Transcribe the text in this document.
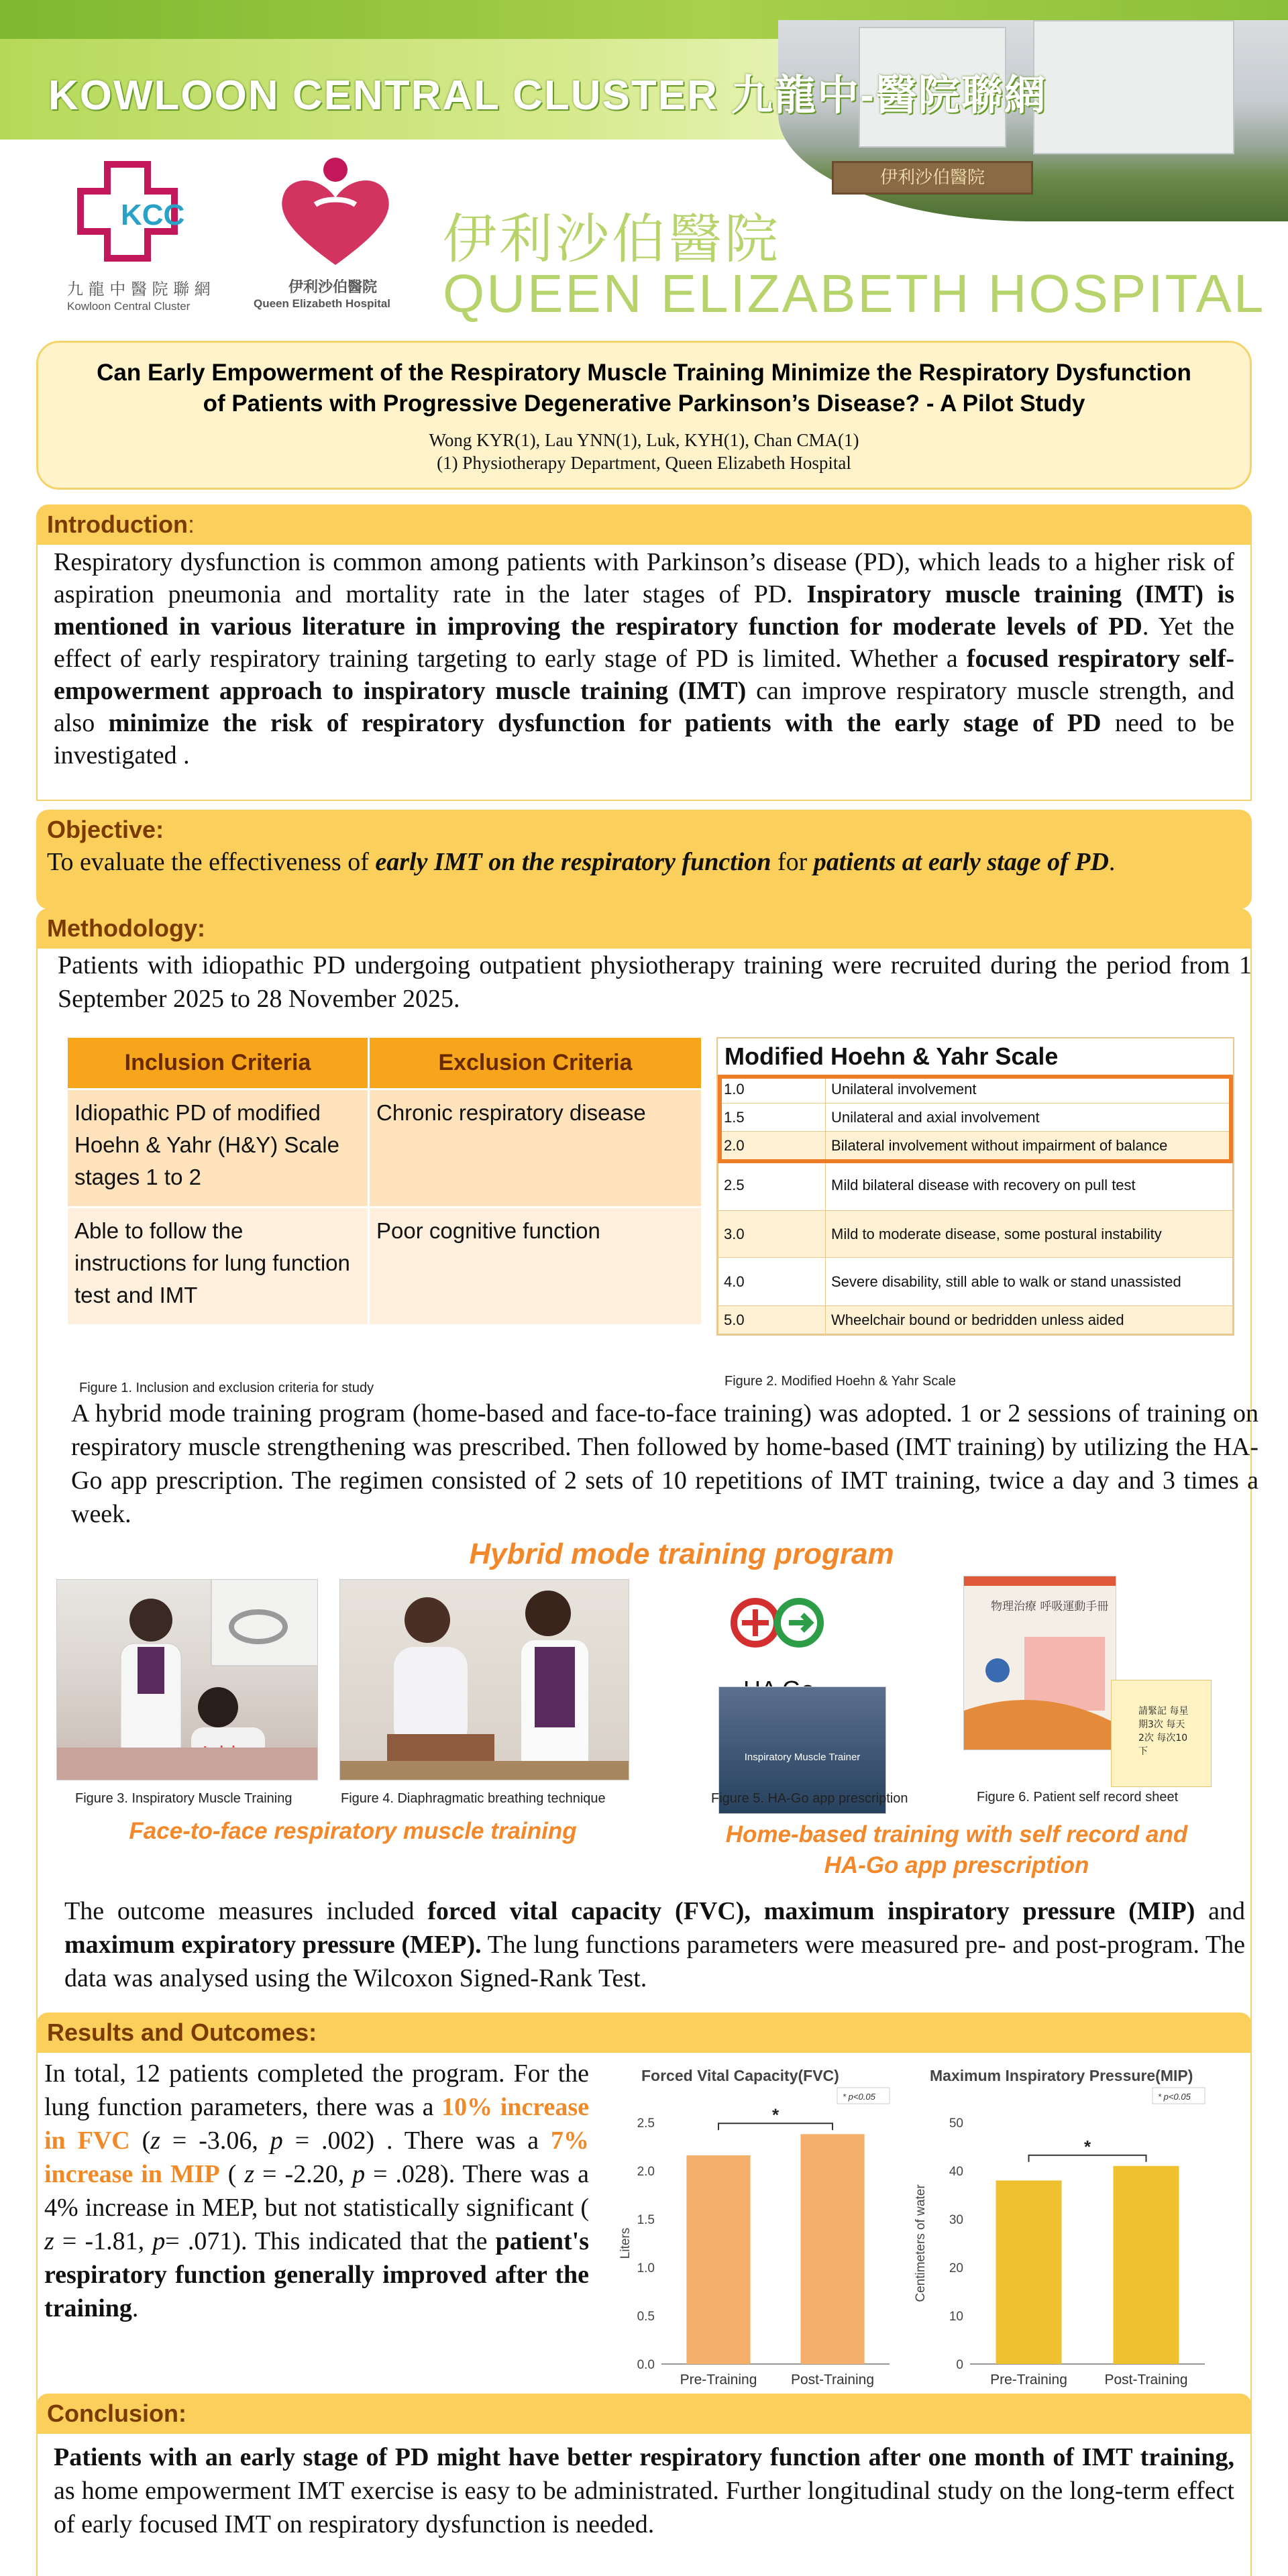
伊利沙伯醫院
KOWLOON CENTRAL CLUSTER 九龍中-醫院聯網
KCC
九 龍 中 醫 院 聯 網
Kowloon Central Cluster
伊利沙伯醫院
Queen Elizabeth Hospital
伊利沙伯醫院
QUEEN ELIZABETH HOSPITAL
Can Early Empowerment of the Respiratory Muscle Training Minimize the Respiratory Dysfunction
of Patients with Progressive Degenerative Parkinson’s Disease? - A Pilot Study
Wong KYR(1), Lau YNN(1), Luk, KYH(1), Chan CMA(1)
(1) Physiotherapy Department, Queen Elizabeth Hospital
Introduction:

Respiratory dysfunction is common among patients with Parkinson’s disease (PD), which leads to a higher risk of aspiration pneumonia and mortality rate in the later stages of PD. Inspiratory muscle training (IMT) is mentioned in various literature in improving the respiratory function for moderate levels of PD. Yet the effect of early respiratory training targeting to early stage of PD is limited. Whether a focused respiratory self-empowerment approach to inspiratory muscle training (IMT) can improve respiratory muscle strength, and also minimize the risk of respiratory dysfunction for patients with the early stage of PD need to be investigated .

Objective:

To evaluate the effectiveness of early IMT on the respiratory function for patients at early stage of PD.

Methodology:

Patients with idiopathic PD undergoing outpatient physiotherapy training were recruited during the period from 1 September 2025 to 28 November 2025.

Inclusion Criteria	Exclusion Criteria
Idiopathic PD of modified Hoehn & Yahr (H&Y) Scale stages 1 to 2	Chronic respiratory disease
Able to follow the instructions for lung function test and IMT	Poor cognitive function
Figure 1. Inclusion and exclusion criteria for study
Modified Hoehn & Yahr Scale
1.0	Unilateral involvement
1.5	Unilateral and axial involvement
2.0	Bilateral involvement without impairment of balance
2.5	Mild bilateral disease with recovery on pull test
3.0	Mild to moderate disease, some postural instability
4.0	Severe disability, still able to walk or stand unassisted
5.0	Wheelchair bound or bedridden unless aided
Figure 2. Modified Hoehn & Yahr Scale

A hybrid mode training program (home-based and face-to-face training) was adopted. 1 or 2 sessions of training on respiratory muscle strengthening was prescribed. Then followed by home-based (IMT training) by utilizing the HA-Go app prescription. The regimen consisted of 2 sets of 10 repetitions of IMT training, twice a day and 3 times a week.

Hybrid mode training program
Inspiratory Muscle Trainer
物理治療 呼吸運動手冊
請緊記 每星期3次 每天2次 每次10下
Figure 3. Inspiratory Muscle Training	Figure 4. Diaphragmatic breathing technique	Figure 5. HA-Go app prescription	Figure 6. Patient self record sheet
Face-to-face respiratory muscle training	Home-based training with self record and
HA-Go app prescription

The outcome measures included forced vital capacity (FVC), maximum inspiratory pressure (MIP) and maximum expiratory pressure (MEP). The lung functions parameters were measured pre- and post-program. The data was analysed using the Wilcoxon Signed-Rank Test.

Results and Outcomes:

In total, 12 patients completed the program. For the lung function parameters, there was a 10% increase in FVC (z = -3.06, p = .002) . There was a 7% increase in MIP ( z = -2.20, p = .028). There was a 4% increase in MEP, but not statistically significant ( z = -1.81, p= .071). This indicated that the patient's respiratory function generally improved after the training.

Forced Vital Capacity(FVC)
* p<0.05
0.0
0.5
1.0
1.5
2.0
2.5
Liters
Pre-Training Post-Training
*
Maximum Inspiratory Pressure(MIP)
* p<0.05
0
10
20
30
40
50
Centimeters of water
Pre-Training	Post-Training
*
Conclusion:

Patients with an early stage of PD might have better respiratory function after one month of IMT training, as home empowerment IMT exercise is easy to be administrated. Further longitudinal study on the long-term effect of early focused IMT on respiratory dysfunction is needed.
